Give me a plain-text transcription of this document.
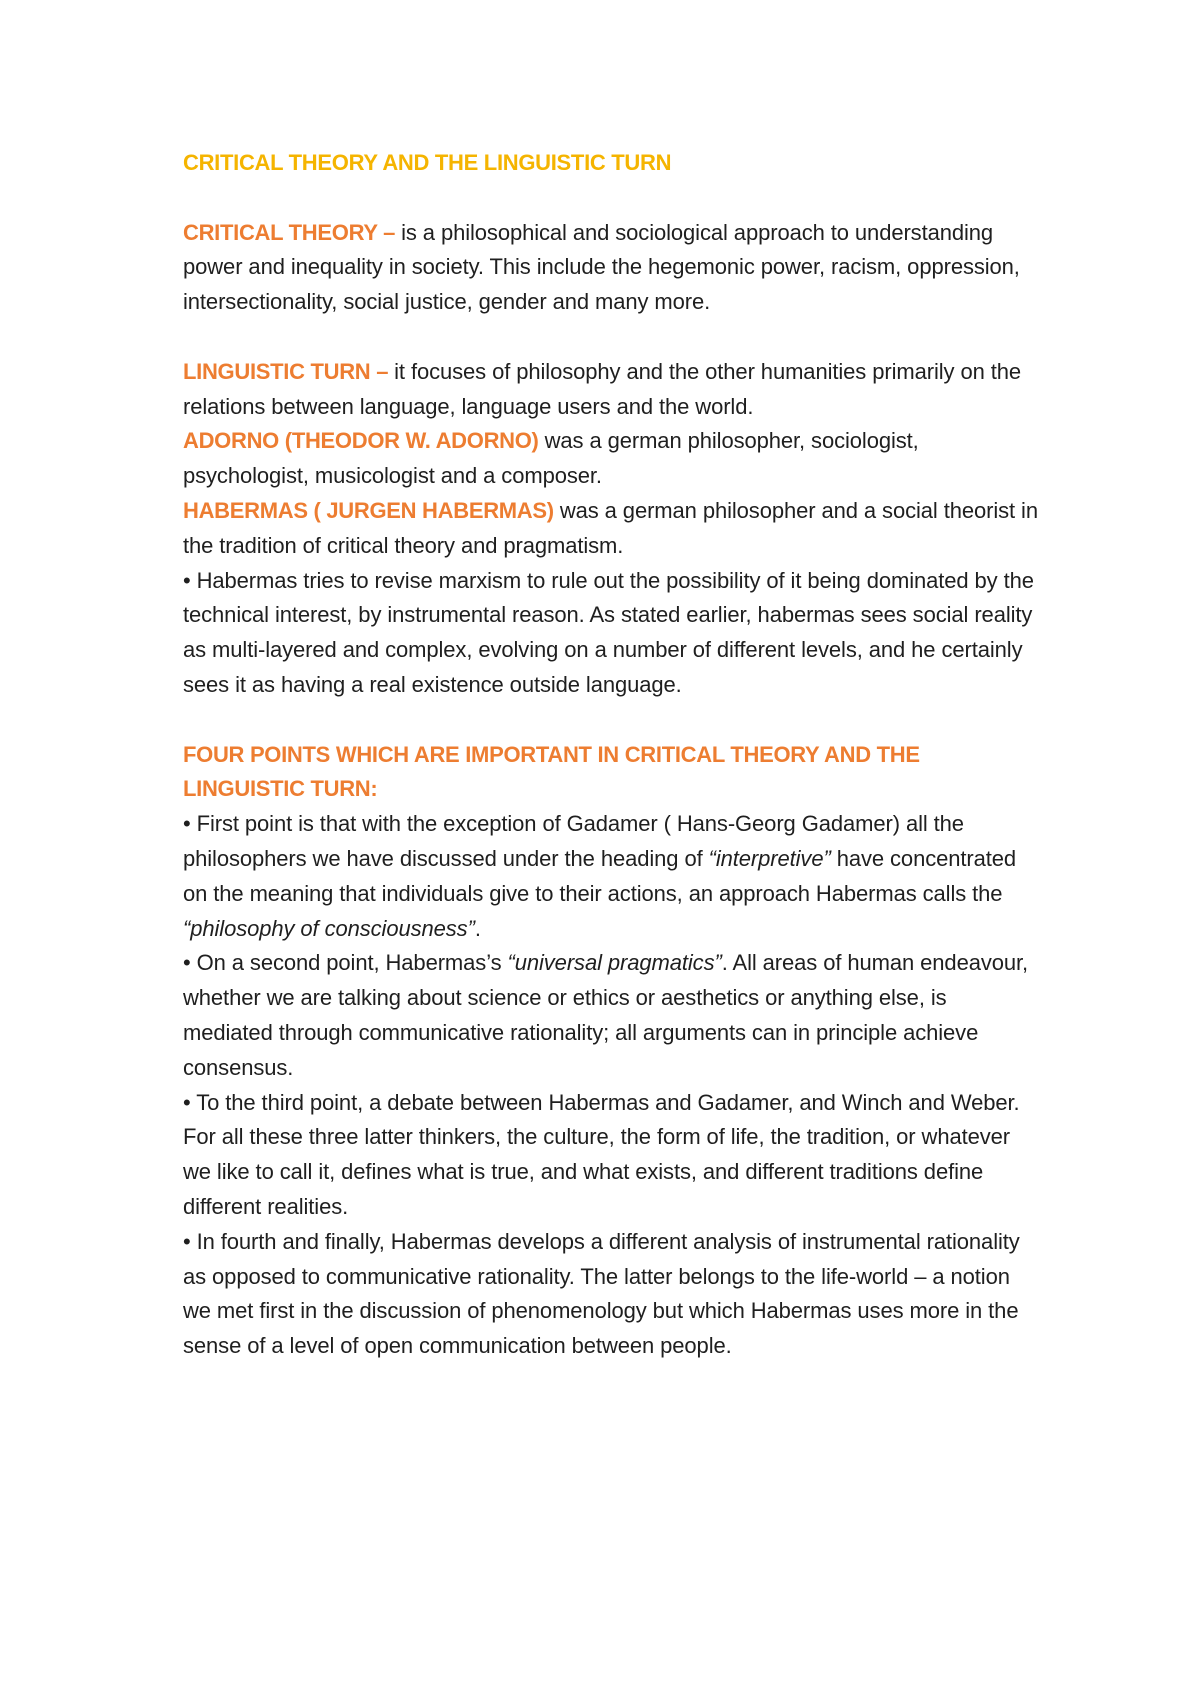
CRITICAL THEORY AND THE LINGUISTIC TURN

CRITICAL THEORY – is a philosophical and sociological approach to understanding power and inequality in society. This include the hegemonic power, racism, oppression, intersectionality, social justice, gender and many more.

LINGUISTIC TURN – it focuses of philosophy and the other humanities primarily on the relations between language, language users and the world.

ADORNO (THEODOR W. ADORNO) was a german philosopher, sociologist, psychologist, musicologist and a composer.

HABERMAS ( JURGEN HABERMAS) was a german philosopher and a social theorist in the tradition of critical theory and pragmatism.

• Habermas tries to revise marxism to rule out the possibility of it being dominated by the technical interest, by instrumental reason. As stated earlier, habermas sees social reality as multi-layered and complex, evolving on a number of different levels, and he certainly sees it as having a real existence outside language.

FOUR POINTS WHICH ARE IMPORTANT IN CRITICAL THEORY AND THE LINGUISTIC TURN:

• First point is that with the exception of Gadamer ( Hans-Georg Gadamer) all the philosophers we have discussed under the heading of “interpretive” have concentrated on the meaning that individuals give to their actions, an approach Habermas calls the “philosophy of consciousness”.

• On a second point, Habermas’s “universal pragmatics”. All areas of human endeavour, whether we are talking about science or ethics or aesthetics or anything else, is mediated through communicative rationality; all arguments can in principle achieve consensus.

• To the third point, a debate between Habermas and Gadamer, and Winch and Weber. For all these three latter thinkers, the culture, the form of life, the tradition, or whatever we like to call it, defines what is true, and what exists, and different traditions define different realities.

• In fourth and finally, Habermas develops a different analysis of instrumental rationality as opposed to communicative rationality. The latter belongs to the life-world – a notion we met first in the discussion of phenomenology but which Habermas uses more in the sense of a level of open communication between people.
